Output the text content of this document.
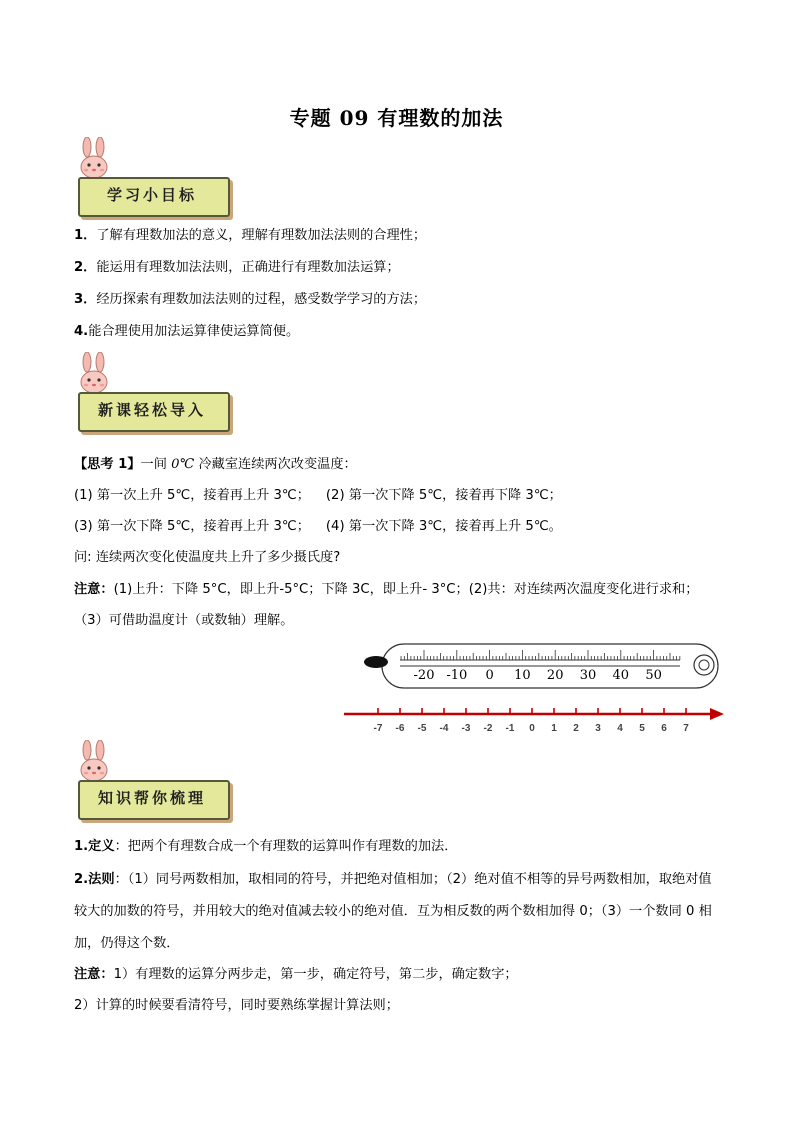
专题 09 有理数的加法
学习小目标
1．了解有理数加法的意义，理解有理数加法法则的合理性；
2．能运用有理数加法法则，正确进行有理数加法运算；
3．经历探索有理数加法法则的过程，感受数学学习的方法；
4.能合理使用加法运算律使运算简便。
新课轻松导入
【思考 1】一间 0℃ 冷藏室连续两次改变温度：
(1) 第一次上升 5℃，接着再上升 3℃； (2) 第一次下降 5℃，接着再下降 3℃；
(3) 第一次下降 5℃，接着再上升 3℃； (4) 第一次下降 3℃，接着再上升 5℃。
问: 连续两次变化使温度共上升了多少摄氏度?
注意：(1)上升：下降 5°C，即上升-5°C；下降 3C，即上升- 3°C；(2)共：对连续两次温度变化进行求和；
（3）可借助温度计（或数轴）理解。
-20 -10 0 10 20 30 40 50
-7 -6 -5 -4 -3 -2 -1 0 1 2 3 4 5 6 7
知识帮你梳理
1.定义：把两个有理数合成一个有理数的运算叫作有理数的加法．
2.法则：（1）同号两数相加，取相同的符号，并把绝对值相加；（2）绝对值不相等的异号两数相加，取绝对值较大的加数的符号，并用较大的绝对值减去较小的绝对值．互为相反数的两个数相加得 0；（3）一个数同 0 相加，仍得这个数．
注意：1）有理数的运算分两步走，第一步，确定符号，第二步，确定数字；
2）计算的时候要看清符号，同时要熟练掌握计算法则；
